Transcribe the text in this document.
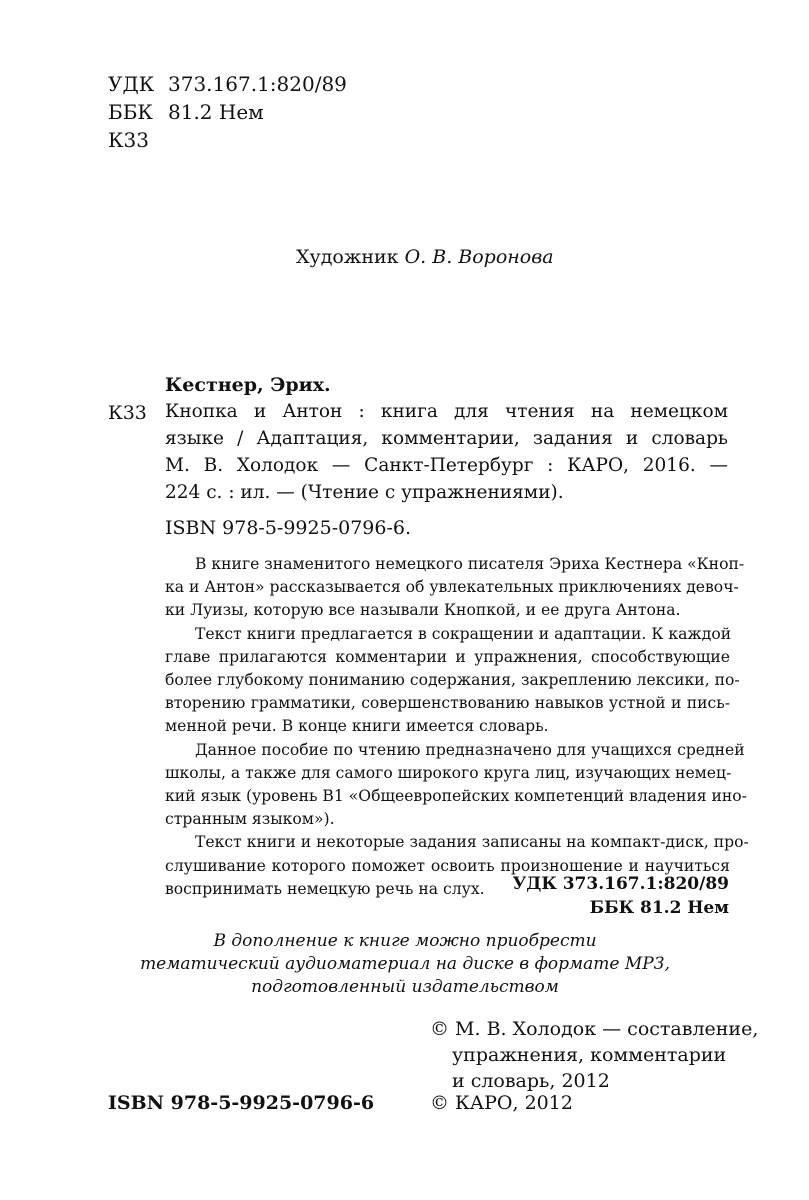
УДК 373.167.1:820/89
ББК 81.2 Нем
К33
Художник О. В. Воронова
Кестнер, Эрих.
К33 Кнопка и Антон : книга для чтения на немецком
языке / Адаптация, комментарии, задания и словарь
М. В. Холодок — Санкт-Петербург : КАРО, 2016. —
224 с. : ил. — (Чтение с упражнениями).
ISBN 978-5-9925-0796-6.
В книге знаменитого немецкого писателя Эриха Кестнера «Кноп-
ка и Антон» рассказывается об увлекательных приключениях девоч-
ки Луизы, которую все называли Кнопкой, и ее друга Антона.
Текст книги предлагается в сокращении и адаптации. К каждой
главе прилагаются комментарии и упражнения, способствующие
более глубокому пониманию содержания, закреплению лексики, по-
вторению грамматики, совершенствованию навыков устной и пись-
менной речи. В конце книги имеется словарь.
Данное пособие по чтению предназначено для учащихся средней
школы, а также для самого широкого круга лиц, изучающих немец-
кий язык (уровень B1 «Общеевропейских компетенций владения ино-
странным языком»).
Текст книги и некоторые задания записаны на компакт-диск, про-
слушивание которого поможет освоить произношение и научиться
воспринимать немецкую речь на слух.	УДК 373.167.1:820/89
ББК 81.2 Нем
В дополнение к книге можно приобрести
тематический аудиоматериал на диске в формате MP3,
подготовленный издательством
© М. В. Холодок — составление,
упражнения, комментарии
и словарь, 2012
© КАРО, 2012
ISBN 978-5-9925-0796-6
